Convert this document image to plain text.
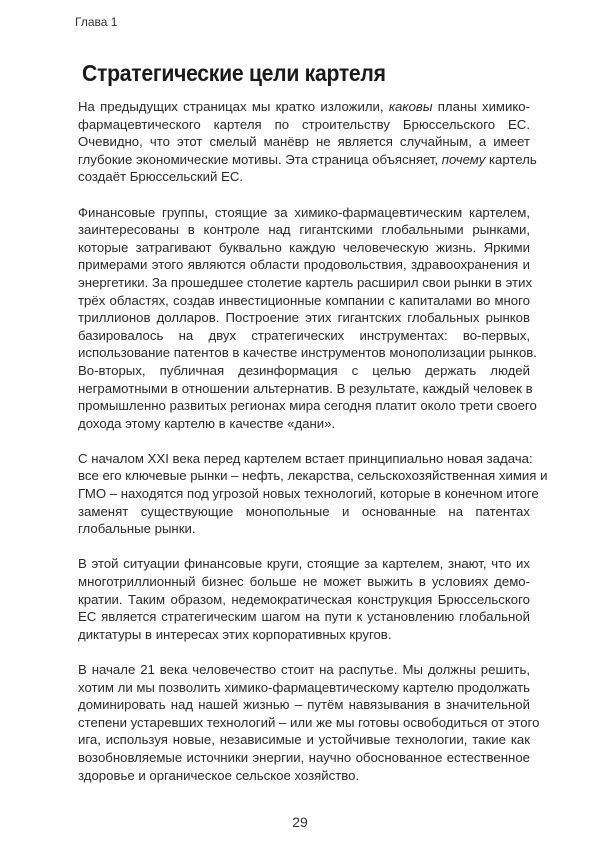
Глава 1
Стратегические цели картеля

На предыдущих страницах мы кратко изложили, каковы планы химико-
фармацевтического картеля по строительству Брюссельского ЕС.
Очевидно, что этот смелый манёвр не является случайным, а имеет
глубокие экономические мотивы. Эта страница объясняет, почему картель
создаёт Брюссельский ЕС.

Финансовые группы, стоящие за химико-фармацевтическим картелем,
заинтересованы в контроле над гигантскими глобальными рынками,
которые затрагивают буквально каждую человеческую жизнь. Яркими
примерами этого являются области продовольствия, здравоохранения и
энергетики. За прошедшее столетие картель расширил свои рынки в этих
трёх областях, создав инвестиционные компании с капиталами во много
триллионов долларов. Построение этих гигантских глобальных рынков
базировалось на двух стратегических инструментах: во-первых,
использование патентов в качестве инструментов монополизации рынков.
Во-вторых, публичная дезинформация с целью держать людей
неграмотными в отношении альтернатив. В результате, каждый человек в
промышленно развитых регионах мира сегодня платит около трети своего
дохода этому картелю в качестве «дани».

С началом XXI века перед картелем встает принципиально новая задача:
все его ключевые рынки – нефть, лекарства, сельскохозяйственная химия и
ГМО – находятся под угрозой новых технологий, которые в конечном итоге
заменят существующие монопольные и основанные на патентах
глобальные рынки.

В этой ситуации финансовые круги, стоящие за картелем, знают, что их
многотриллионный бизнес больше не может выжить в условиях демо-
кратии. Таким образом, недемократическая конструкция Брюссельского
ЕС является стратегическим шагом на пути к установлению глобальной
диктатуры в интересах этих корпоративных кругов.

В начале 21 века человечество стоит на распутье. Мы должны решить,
хотим ли мы позволить химико-фармацевтическому картелю продолжать
доминировать над нашей жизнью – путём навязывания в значительной
степени устаревших технологий – или же мы готовы освободиться от этого
ига, используя новые, независимые и устойчивые технологии, такие как
возобновляемые источники энергии, научно обоснованное естественное
здоровье и органическое сельское хозяйство.

29
